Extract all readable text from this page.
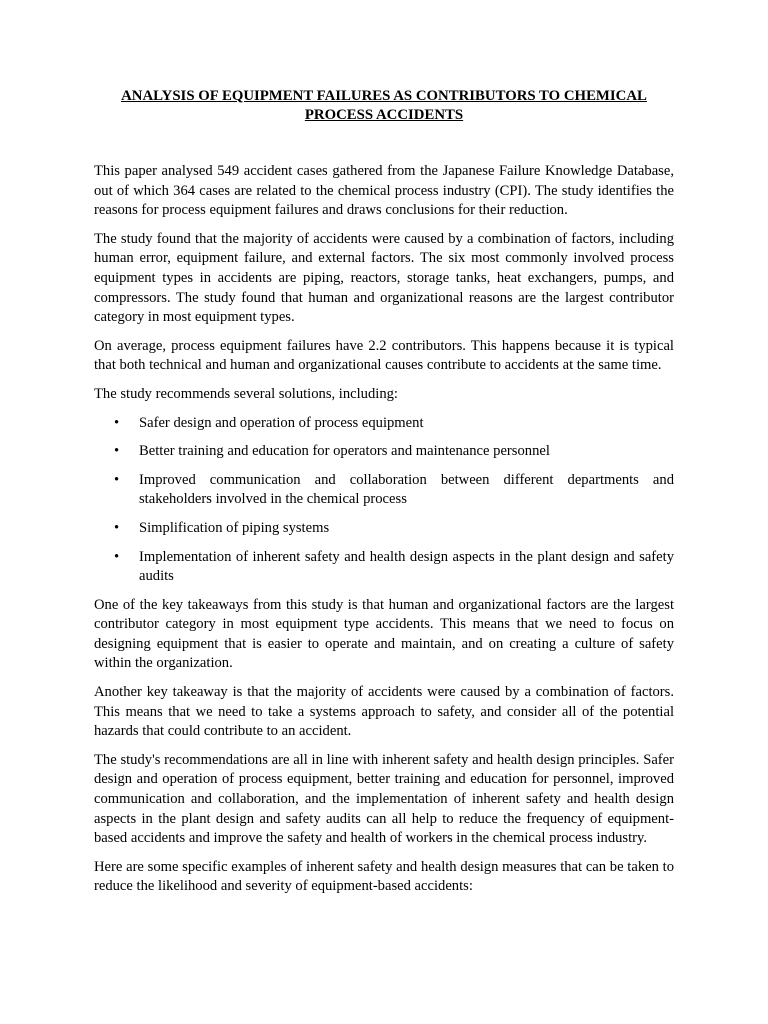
ANALYSIS OF EQUIPMENT FAILURES AS CONTRIBUTORS TO CHEMICAL PROCESS ACCIDENTS

This paper analysed 549 accident cases gathered from the Japanese Failure Knowledge Database, out of which 364 cases are related to the chemical process industry (CPI). The study identifies the reasons for process equipment failures and draws conclusions for their reduction.

The study found that the majority of accidents were caused by a combination of factors, including human error, equipment failure, and external factors. The six most commonly involved process equipment types in accidents are piping, reactors, storage tanks, heat exchangers, pumps, and compressors. The study found that human and organizational reasons are the largest contributor category in most equipment types.

On average, process equipment failures have 2.2 contributors. This happens because it is typical that both technical and human and organizational causes contribute to accidents at the same time.

The study recommends several solutions, including:

• Safer design and operation of process equipment
• Better training and education for operators and maintenance personnel
• Improved communication and collaboration between different departments and stakeholders involved in the chemical process
• Simplification of piping systems
• Implementation of inherent safety and health design aspects in the plant design and safety audits

One of the key takeaways from this study is that human and organizational factors are the largest contributor category in most equipment type accidents. This means that we need to focus on designing equipment that is easier to operate and maintain, and on creating a culture of safety within the organization.

Another key takeaway is that the majority of accidents were caused by a combination of factors. This means that we need to take a systems approach to safety, and consider all of the potential hazards that could contribute to an accident.

The study's recommendations are all in line with inherent safety and health design principles. Safer design and operation of process equipment, better training and education for personnel, improved communication and collaboration, and the implementation of inherent safety and health design aspects in the plant design and safety audits can all help to reduce the frequency of equipment-based accidents and improve the safety and health of workers in the chemical process industry.

Here are some specific examples of inherent safety and health design measures that can be taken to reduce the likelihood and severity of equipment-based accidents:
